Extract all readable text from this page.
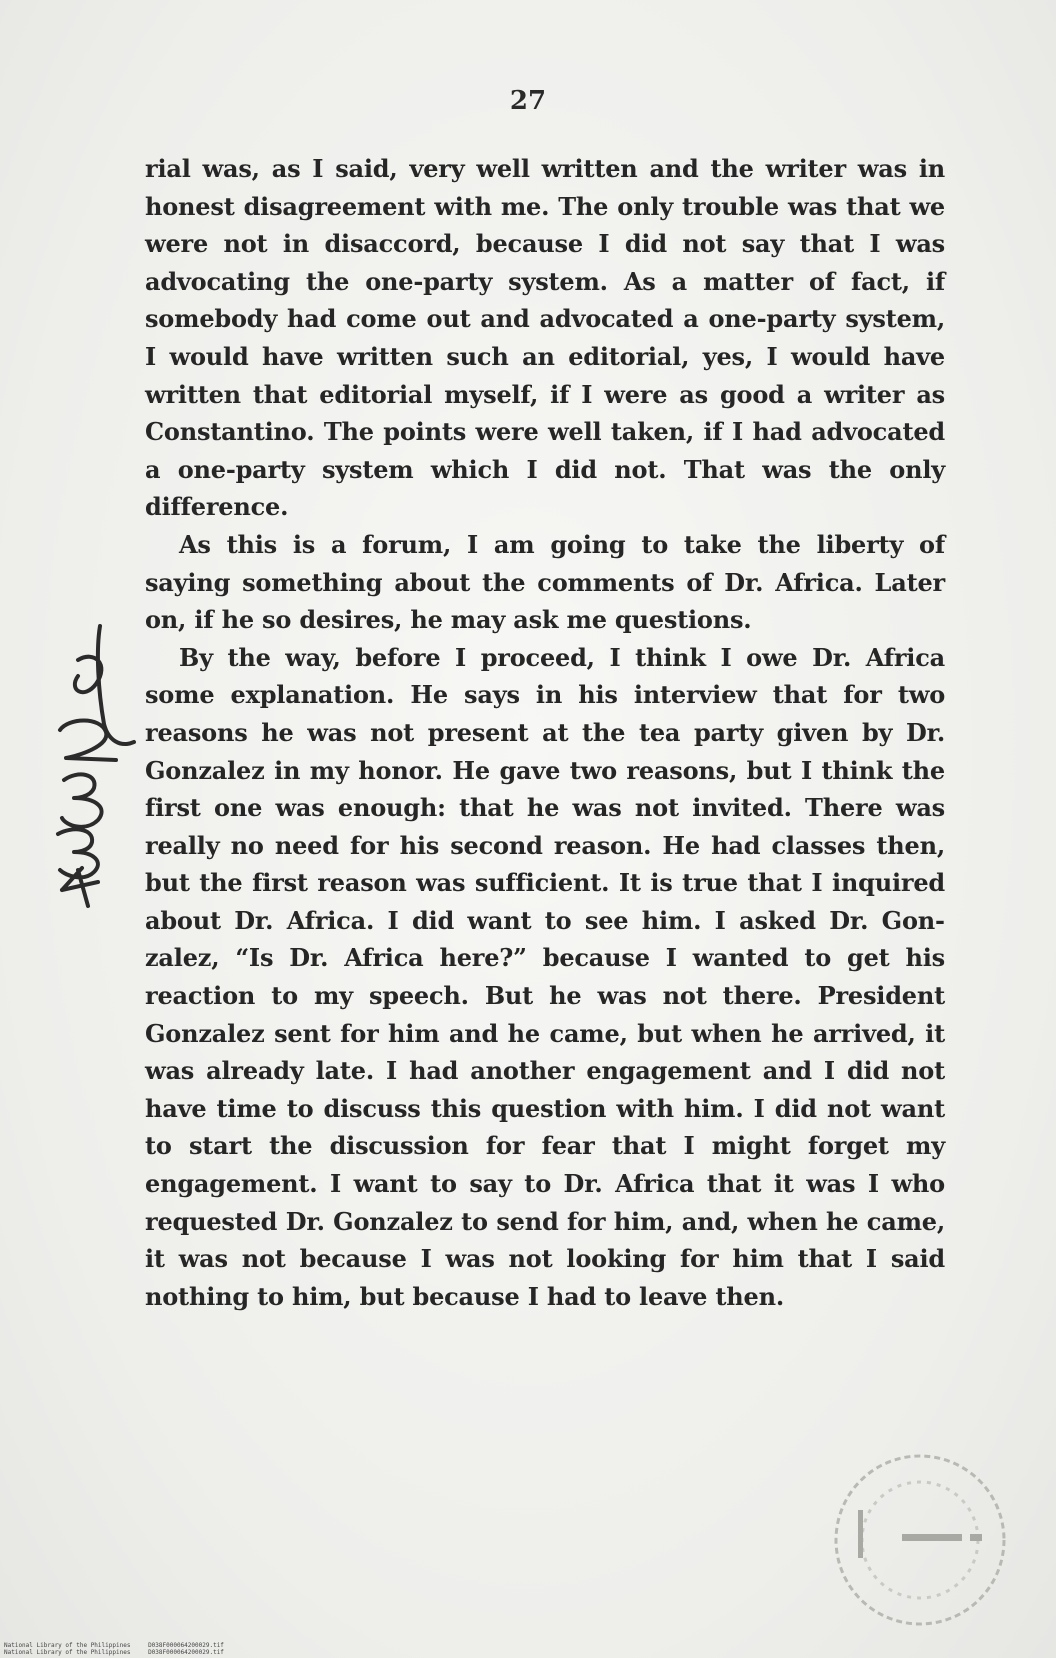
27

rial was, as I said, very well written and the writer was in honest disagreement with me. The only trouble was that we were not in disaccord, because I did not say that I was advocating the one-party system. As a matter of fact, if somebody had come out and advocated a one-party system, I would have written such an editorial, yes, I would have written that editorial myself, if I were as good a writer as Constantino. The points were well taken, if I had advocated a one-party system which I did not. That was the only difference.

As this is a forum, I am going to take the liberty of saying something about the comments of Dr. Africa. Later on, if he so desires, he may ask me questions.

By the way, before I proceed, I think I owe Dr. Africa some explanation. He says in his interview that for two reasons he was not present at the tea party given by Dr. Gonzalez in my honor. He gave two reasons, but I think the first one was enough: that he was not invited. There was really no need for his second reason. He had classes then, but the first reason was sufficient. It is true that I inquired about Dr. Africa. I did want to see him. I asked Dr. Gonzalez, “Is Dr. Africa here?” because I wanted to get his reaction to my speech. But he was not there. President Gonzalez sent for him and he came, but when he arrived, it was already late. I had another engagement and I did not have time to discuss this question with him. I did not want to start the discussion for fear that I might forget my engagement. I want to say to Dr. Africa that it was I who requested Dr. Gonzalez to send for him, and, when he came, it was not because I was not looking for him that I said nothing to him, but because I had to leave then.

National Library of the Philippines
National Library of the Philippines D038F000064200029.tif
D038F000064200029.tif
